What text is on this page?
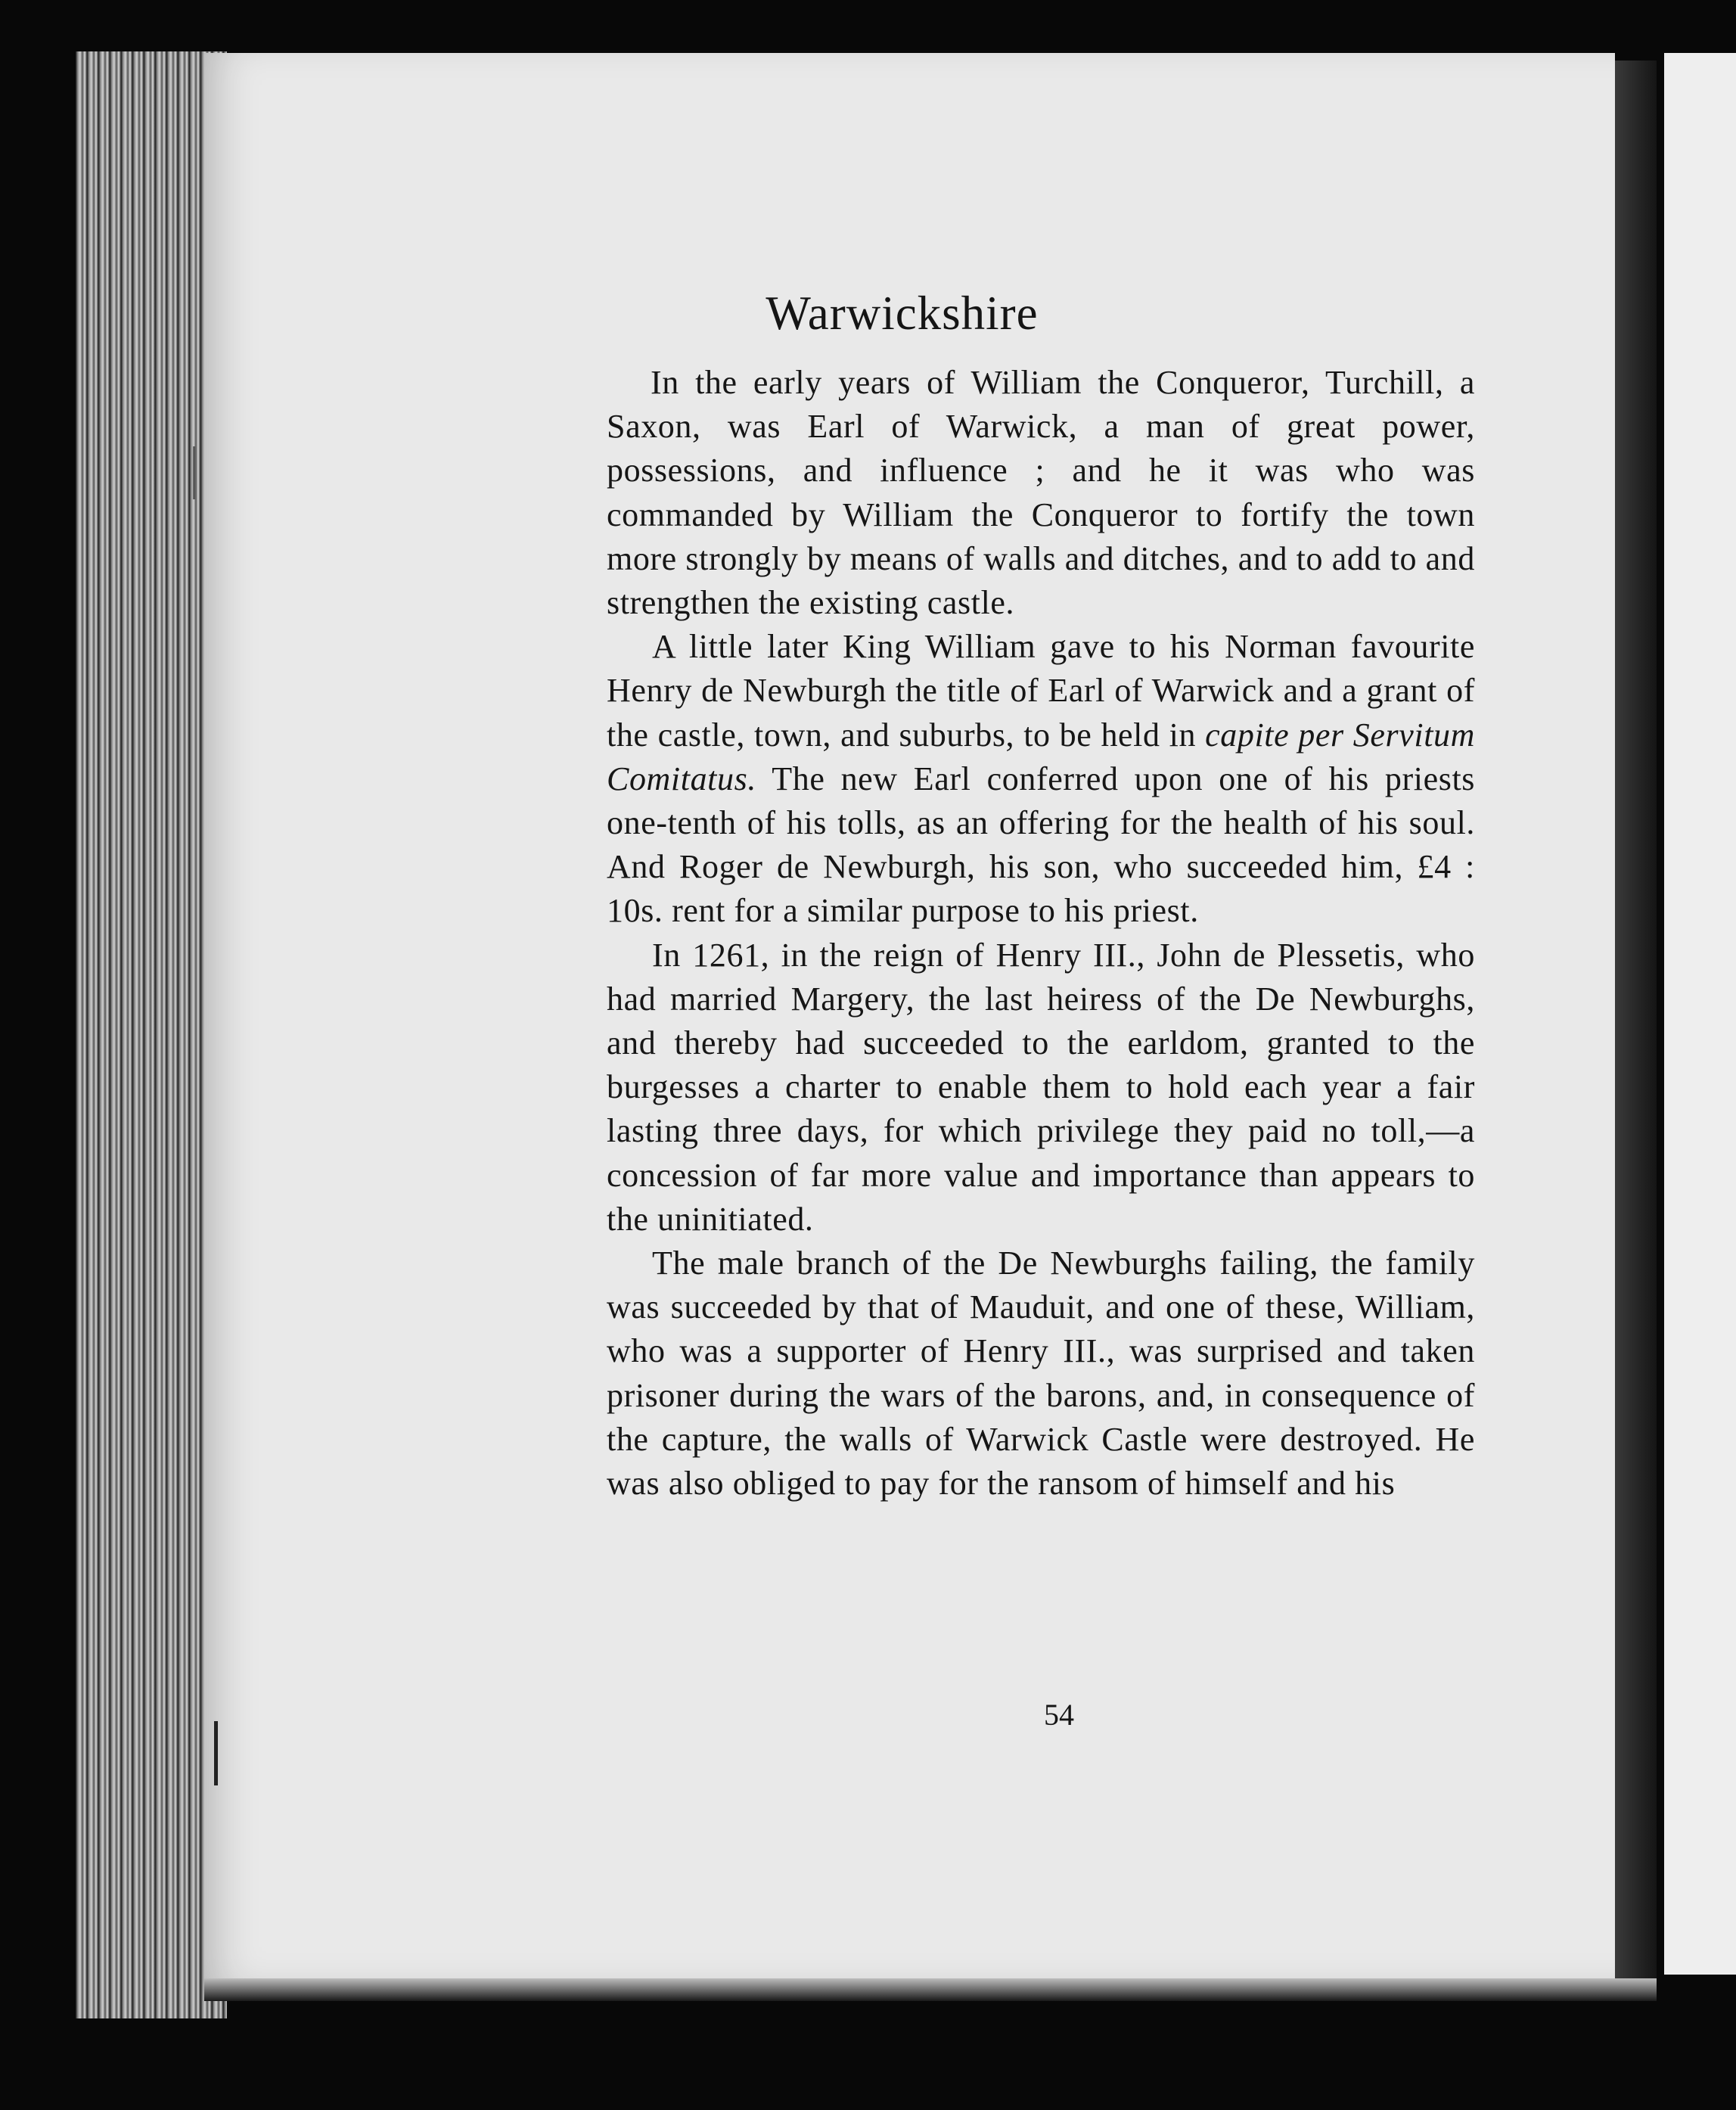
Warwickshire

In the early years of William the Conqueror, Turchill, a Saxon, was Earl of Warwick, a man of great power, possessions, and influence ; and he it was who was commanded by William the Conqueror to fortify the town more strongly by means of walls and ditches, and to add to and strengthen the existing castle.

A little later King William gave to his Norman favourite Henry de Newburgh the title of Earl of Warwick and a grant of the castle, town, and suburbs, to be held in capite per Servitum Comitatus. The new Earl conferred upon one of his priests one-tenth of his tolls, as an offering for the health of his soul. And Roger de Newburgh, his son, who succeeded him, £4 : 10s. rent for a similar purpose to his priest.

In 1261, in the reign of Henry III., John de Plessetis, who had married Margery, the last heiress of the De Newburghs, and thereby had succeeded to the earldom, granted to the burgesses a charter to enable them to hold each year a fair lasting three days, for which privilege they paid no toll,—a concession of far more value and importance than appears to the uninitiated.

The male branch of the De Newburghs failing, the family was succeeded by that of Mauduit, and one of these, William, who was a supporter of Henry III., was surprised and taken prisoner during the wars of the barons, and, in consequence of the capture, the walls of Warwick Castle were destroyed. He was also obliged to pay for the ransom of himself and his

54
